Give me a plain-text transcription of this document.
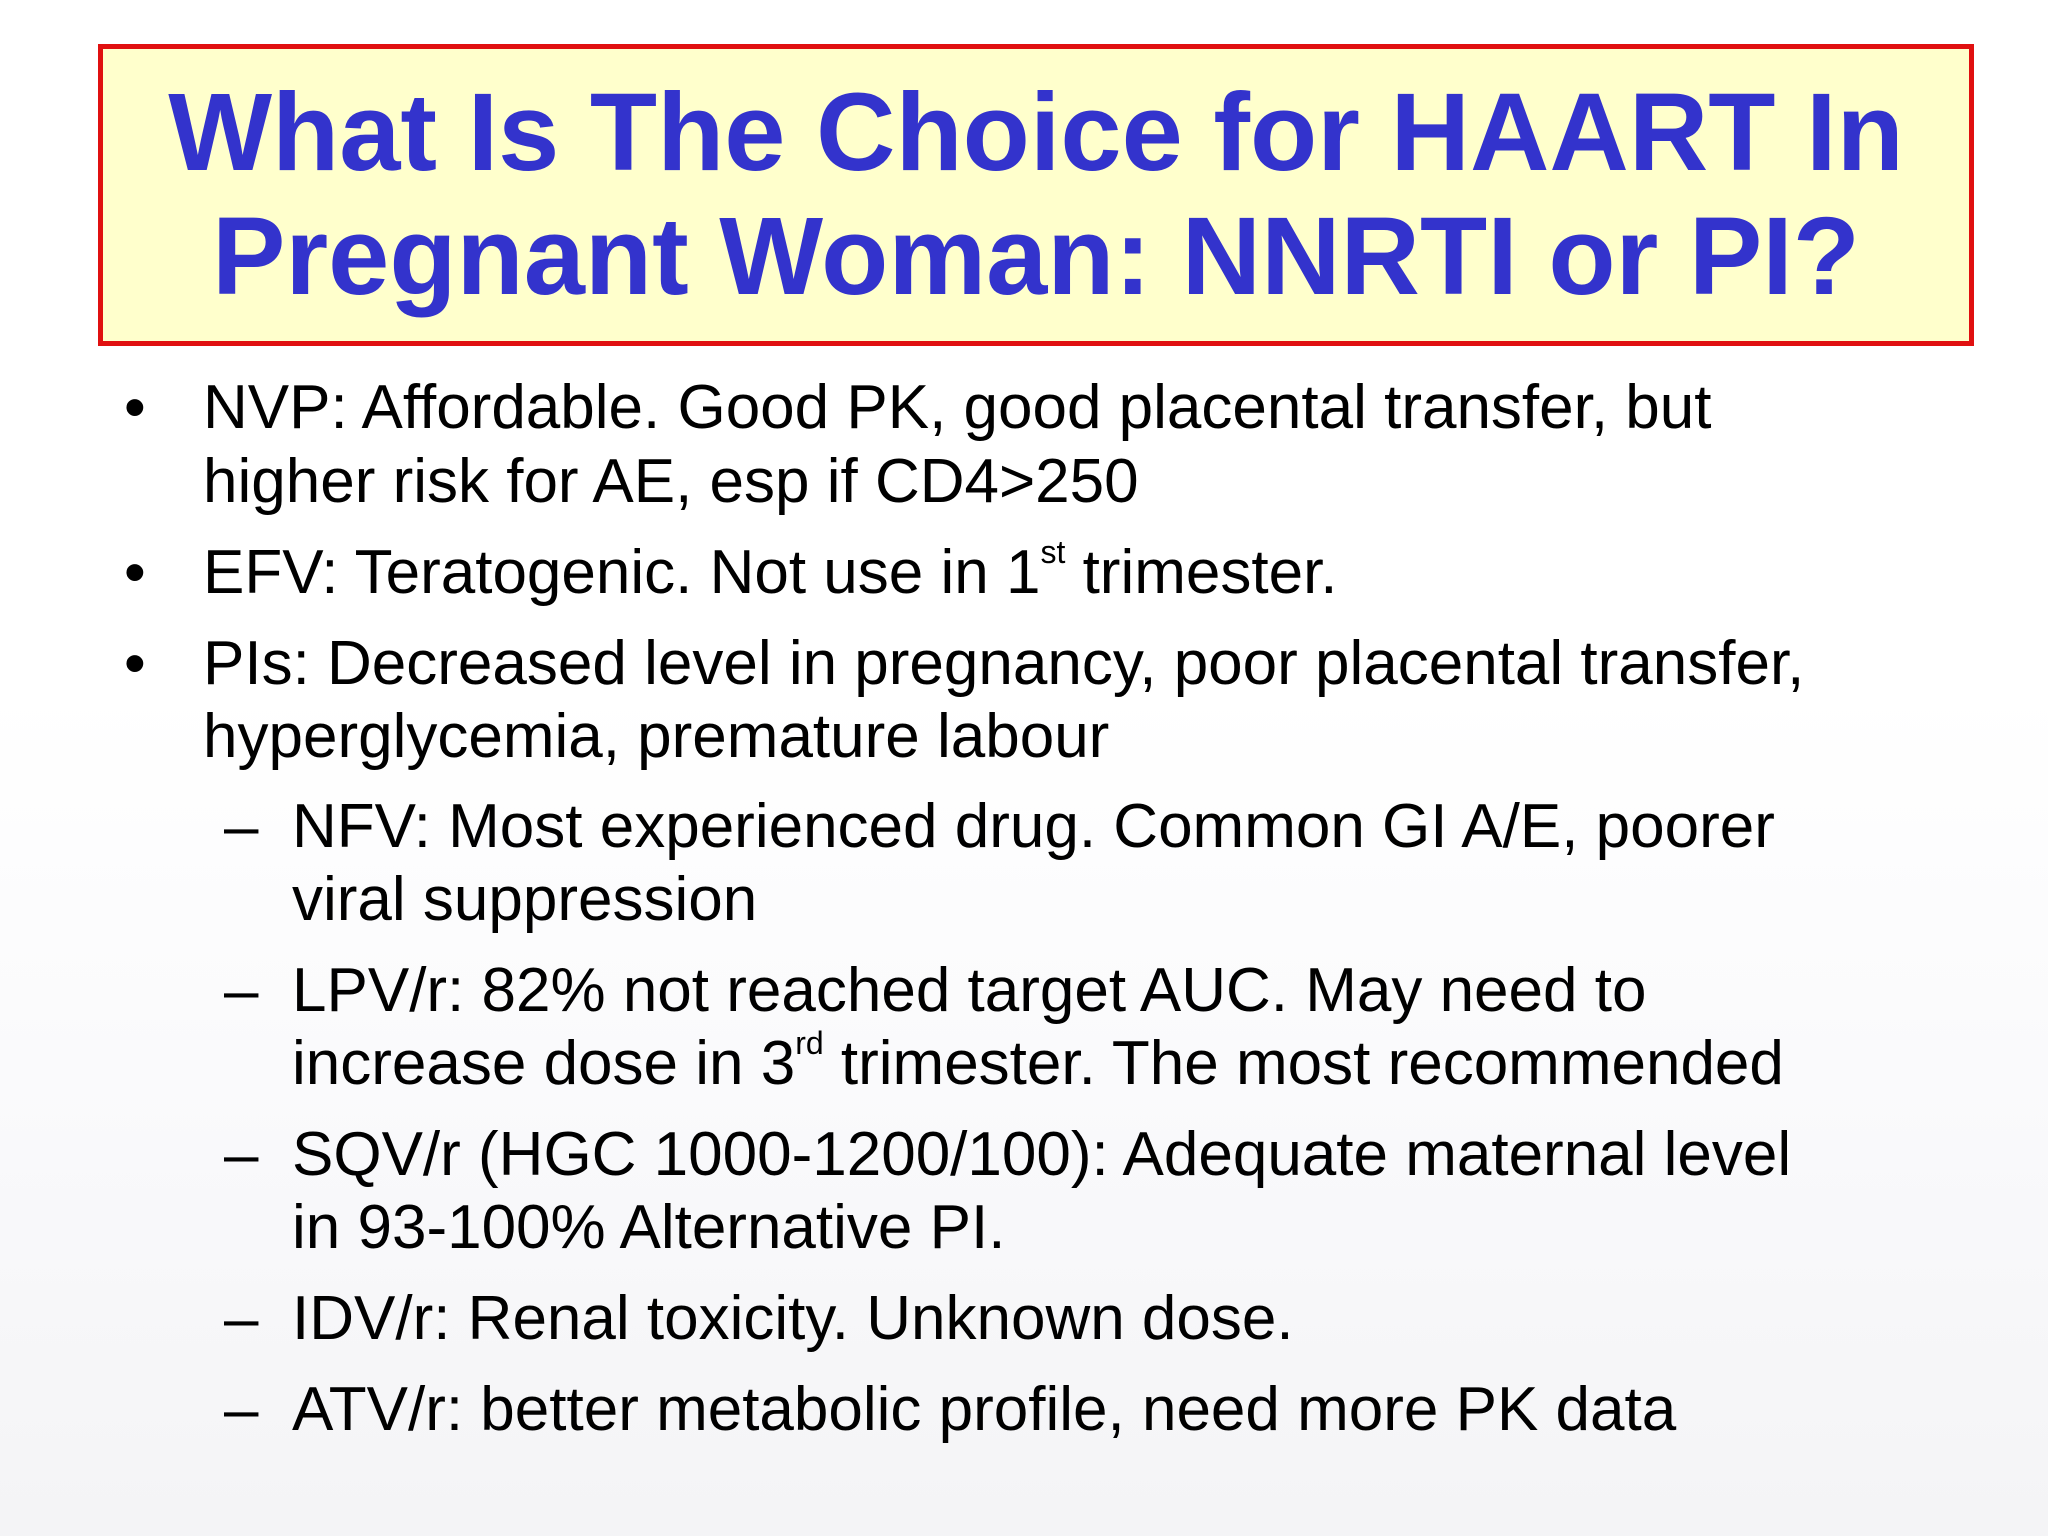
What Is The Choice for HAART In
Pregnant Woman: NNRTI or PI?
• NVP: Affordable. Good PK, good placental transfer, but
higher risk for AE, esp if CD4>250
• EFV: Teratogenic. Not use in 1st trimester.
• PIs: Decreased level in pregnancy, poor placental transfer,
hyperglycemia, premature labour
– NFV: Most experienced drug. Common GI A/E, poorer
viral suppression
– LPV/r: 82% not reached target AUC. May need to
increase dose in 3rd trimester. The most recommended
– SQV/r (HGC 1000-1200/100): Adequate maternal level
in 93-100% Alternative PI.
– IDV/r: Renal toxicity. Unknown dose.
– ATV/r: better metabolic profile, need more PK data
